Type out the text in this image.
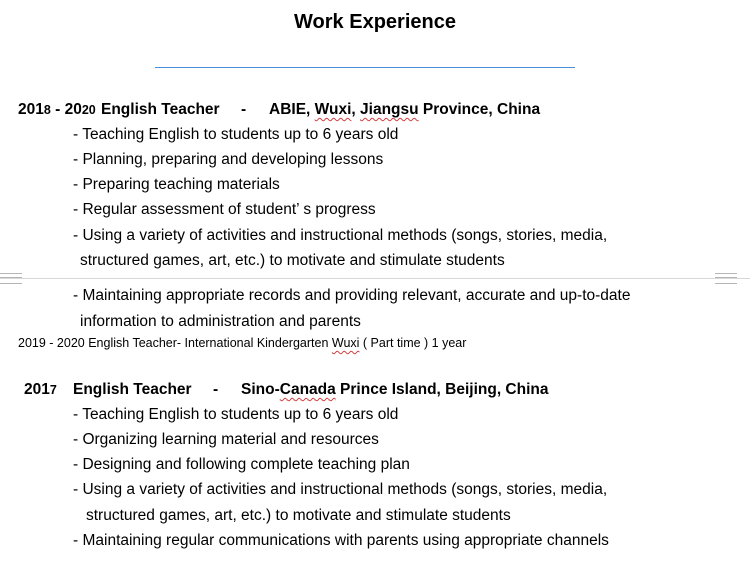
Work Experience
2018 - 2020 English Teacher - ABIE, Wuxi, Jiangsu Province, China
- Teaching English to students up to 6 years old
- Planning, preparing and developing lessons
- Preparing teaching materials
- Regular assessment of student’ s progress
- Using a variety of activities and instructional methods (songs, stories, media,
structured games, art, etc.) to motivate and stimulate students
- Maintaining appropriate records and providing relevant, accurate and up-to-date
information to administration and parents
2019 - 2020 English Teacher- International Kindergarten Wuxi ( Part time ) 1 year
2017 English Teacher - Sino-Canada Prince Island, Beijing, China
- Teaching English to students up to 6 years old
- Organizing learning material and resources
- Designing and following complete teaching plan
- Using a variety of activities and instructional methods (songs, stories, media,
structured games, art, etc.) to motivate and stimulate students
- Maintaining regular communications with parents using appropriate channels
